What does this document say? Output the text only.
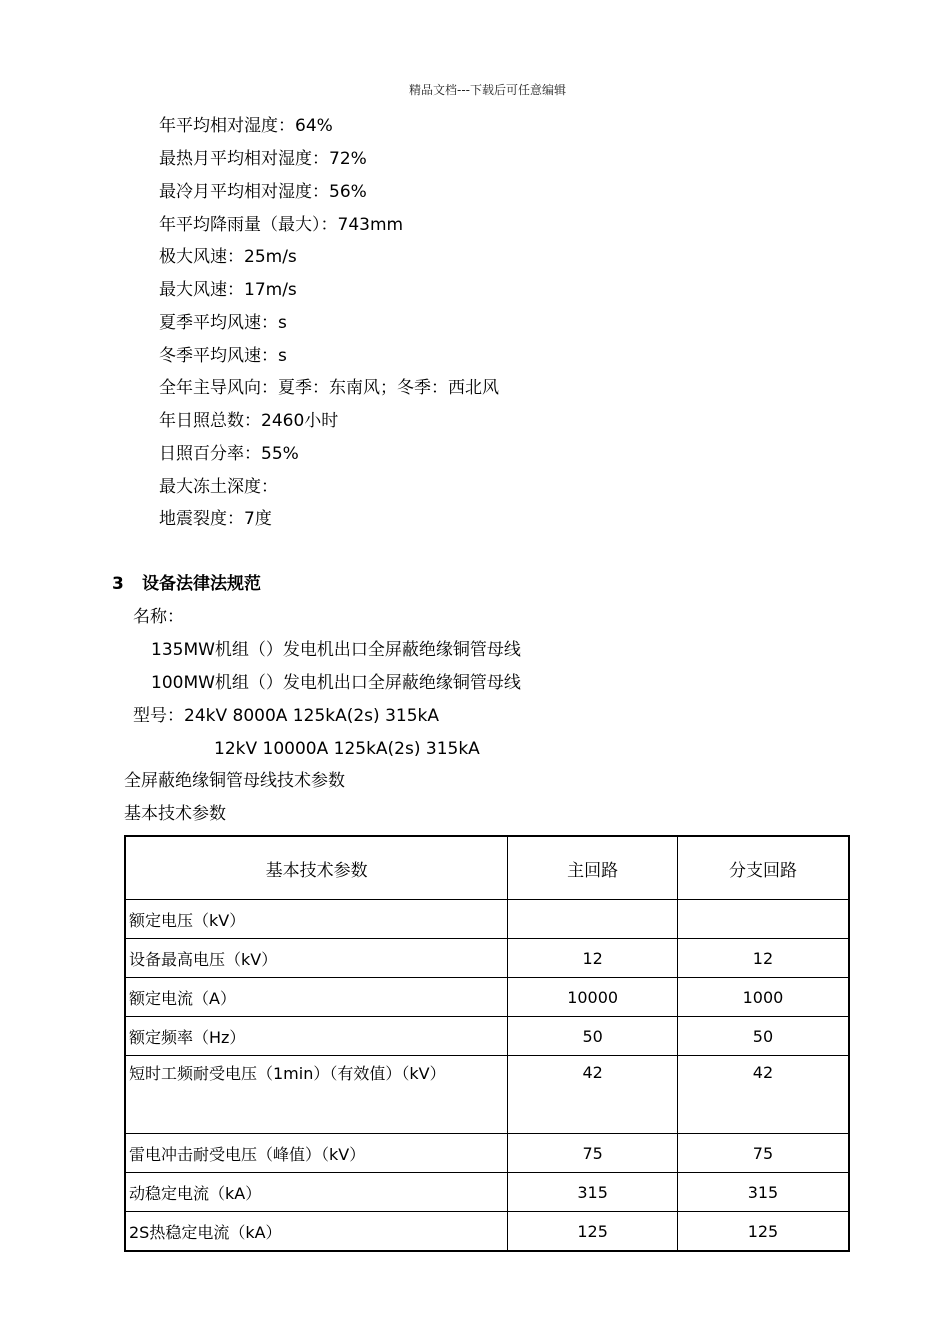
精品文档---下载后可任意编辑
年平均相对湿度：64%
最热月平均相对湿度：72%
最冷月平均相对湿度：56%
年平均降雨量（最大）：743mm
极大风速：25m/s
最大风速：17m/s
夏季平均风速：s
冬季平均风速：s
全年主导风向：夏季：东南风；冬季：西北风
年日照总数：2460小时
日照百分率：55%
最大冻土深度：
地震裂度：7度
3 设备法律法规范
名称：
135MW机组（）发电机出口全屏蔽绝缘铜管母线
100MW机组（）发电机出口全屏蔽绝缘铜管母线
型号：24kV 8000A 125kA(2s) 315kA
12kV 10000A 125kA(2s) 315kA
全屏蔽绝缘铜管母线技术参数
基本技术参数
基本技术参数	主回路	分支回路
额定电压（kV）		
设备最高电压（kV）	12	12
额定电流（A）	10000	1000
额定频率（Hz）	50	50
短时工频耐受电压（1min）（有效值）（kV）	42	42
雷电冲击耐受电压（峰值）（kV）	75	75
动稳定电流（kA）	315	315
2S热稳定电流（kA）	125	125
